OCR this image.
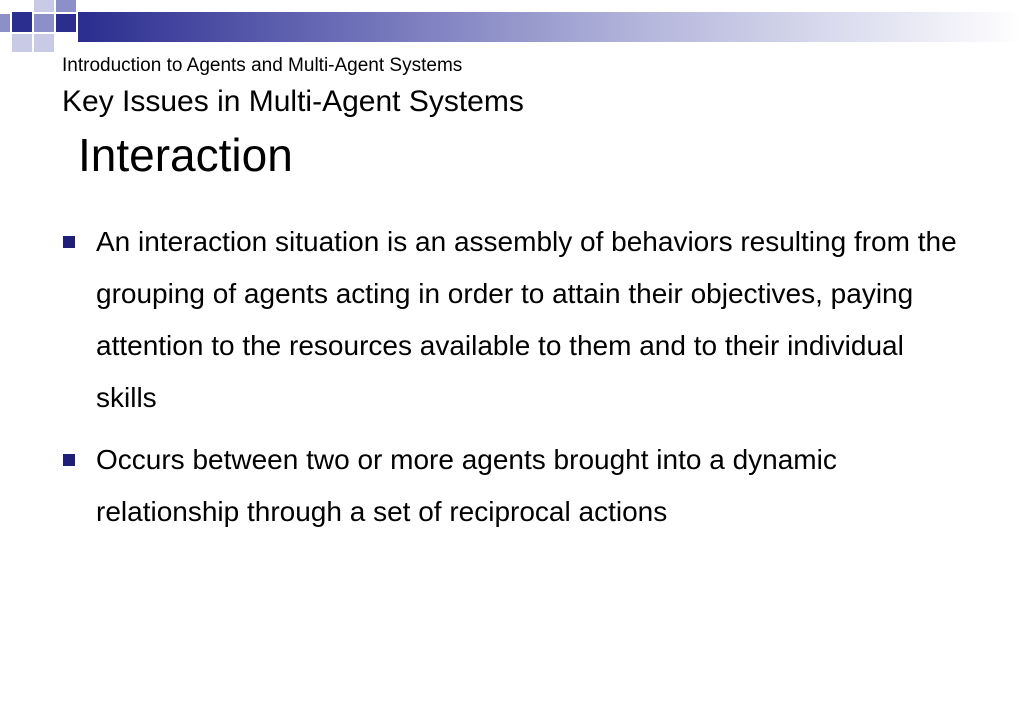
Introduction to Agents and Multi-Agent Systems
Key Issues in Multi-Agent Systems
Interaction
An interaction situation is an assembly of behaviors resulting from the grouping of agents acting in order to attain their objectives, paying attention to the resources available to them and to their individual skills
Occurs between two or more agents brought into a dynamic relationship through a set of reciprocal actions
